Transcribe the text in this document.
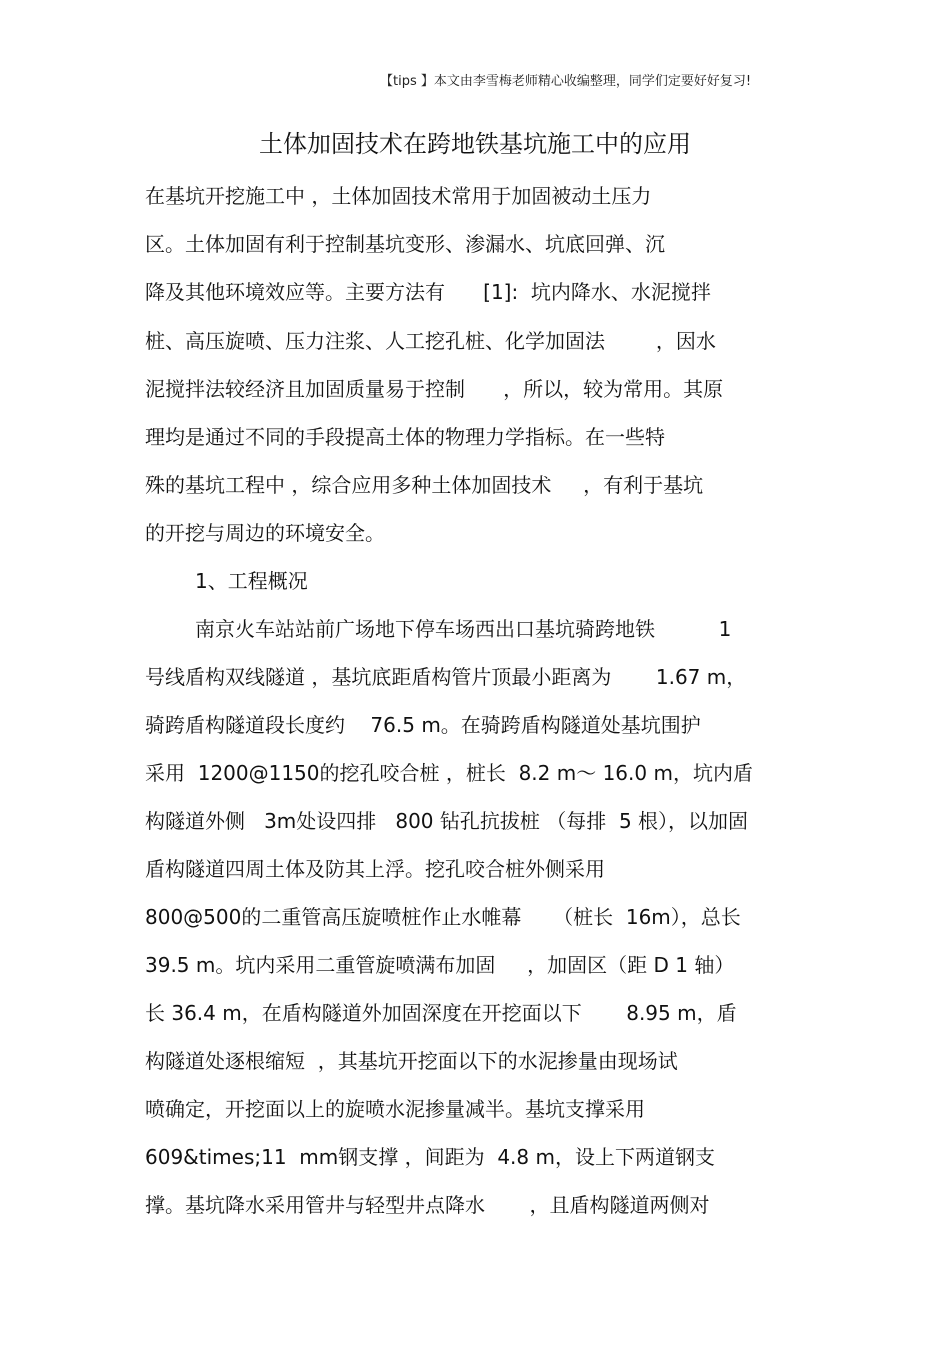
【tips 】本文由李雪梅老师精心收编整理，同学们定要好好复习!
土体加固技术在跨地铁基坑施工中的应用
在基坑开挖施工中 ，土体加固技术常用于加固被动土压力
区。土体加固有利于控制基坑变形、渗漏水、坑底回弹、沉
降及其他环境效应等。主要方法有      [1]:  坑内降水、水泥搅拌
桩、高压旋喷、压力注浆、人工挖孔桩、化学加固法        ，因水
泥搅拌法较经济且加固质量易于控制      ，所以，较为常用。其原
理均是通过不同的手段提高土体的物理力学指标。在一些特
殊的基坑工程中 ，综合应用多种土体加固技术     ，有利于基坑
的开挖与周边的环境安全。
1、工程概况
南京火车站站前广场地下停车场西出口基坑骑跨地铁          1
号线盾构双线隧道 ，基坑底距盾构管片顶最小距离为       1.67 m，
骑跨盾构隧道段长度约    76.5 m。在骑跨盾构隧道处基坑围护
采用  1200@1150的挖孔咬合桩 ，桩长  8.2 m～ 16.0 m，坑内盾
构隧道外侧   3m处设四排   800 钻孔抗拔桩 （每排  5 根），以加固
盾构隧道四周土体及防其上浮。挖孔咬合桩外侧采用
800@500的二重管高压旋喷桩作止水帷幕     （桩长  16m），总长
39.5 m。坑内采用二重管旋喷满布加固     ，加固区（距 D 1 轴）
长 36.4 m，在盾构隧道外加固深度在开挖面以下       8.95 m，盾
构隧道处逐根缩短  ，其基坑开挖面以下的水泥掺量由现场试
喷确定，开挖面以上的旋喷水泥掺量减半。基坑支撑采用
609&times;11  mm钢支撑 ，间距为  4.8 m，设上下两道钢支
撑。基坑降水采用管井与轻型井点降水       ，且盾构隧道两侧对
